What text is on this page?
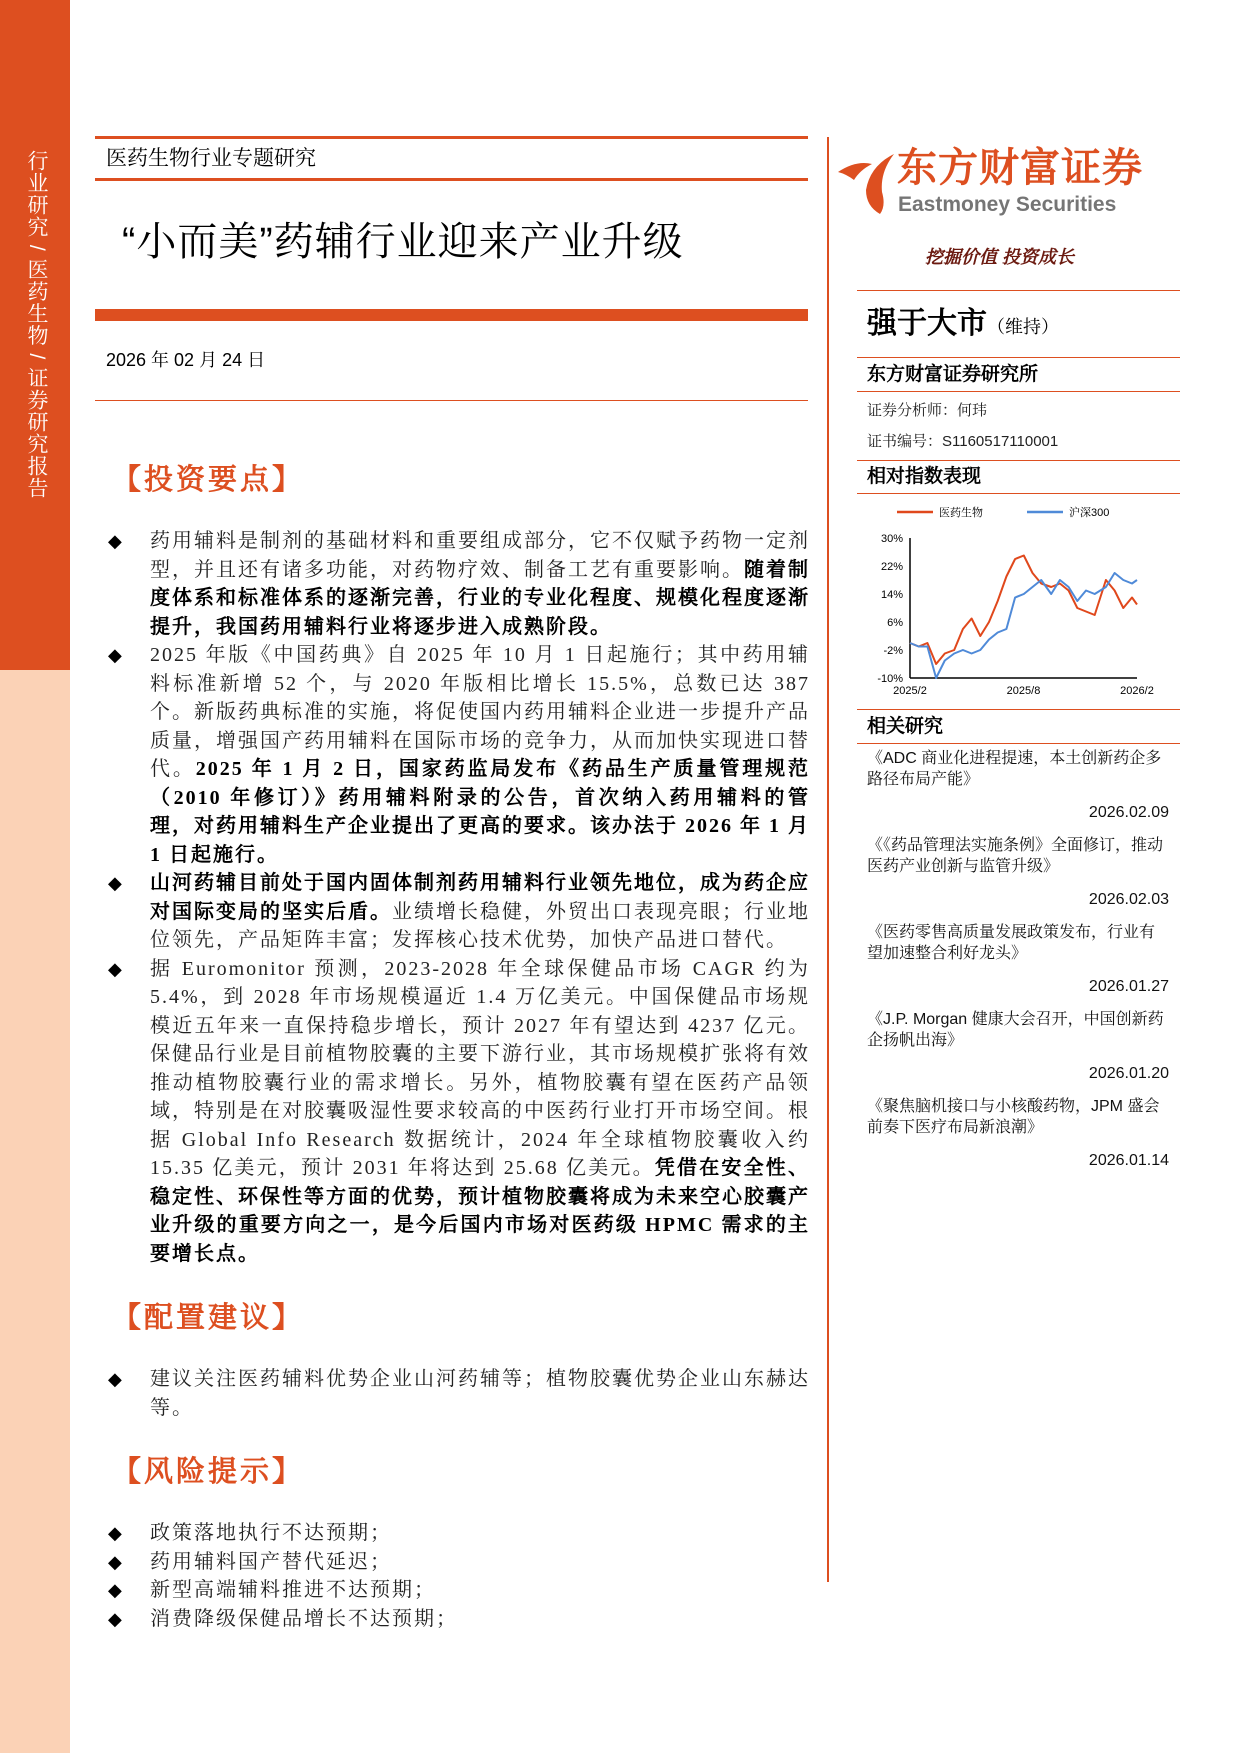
行业研究 / 医药生物 / 证券研究报告	医药生物行业专题研究
“小而美”药辅行业迎来产业升级
2026 年 02 月 24 日
【投资要点】
◆ 药用辅料是制剂的基础材料和重要组成部分，它不仅赋予药物一定剂型，并且还有诸多功能，对药物疗效、制备工艺有重要影响。随着制度体系和标准体系的逐渐完善，行业的专业化程度、规模化程度逐渐提升，我国药用辅料行业将逐步进入成熟阶段。
◆ 2025 年版《中国药典》自 2025 年 10 月 1 日起施行；其中药用辅料标准新增 52 个，与 2020 年版相比增长 15.5%，总数已达 387 个。新版药典标准的实施，将促使国内药用辅料企业进一步提升产品质量，增强国产药用辅料在国际市场的竞争力，从而加快实现进口替代。2025 年 1 月 2 日，国家药监局发布《药品生产质量管理规范（2010 年修订）》药用辅料附录的公告，首次纳入药用辅料的管理，对药用辅料生产企业提出了更高的要求。该办法于 2026 年 1 月 1 日起施行。
◆ 山河药辅目前处于国内固体制剂药用辅料行业领先地位，成为药企应对国际变局的坚实后盾。业绩增长稳健，外贸出口表现亮眼；行业地位领先，产品矩阵丰富；发挥核心技术优势，加快产品进口替代。
◆ 据 Euromonitor 预测，2023-2028 年全球保健品市场 CAGR 约为 5.4%，到 2028 年市场规模逼近 1.4 万亿美元。中国保健品市场规模近五年来一直保持稳步增长，预计 2027 年有望达到 4237 亿元。保健品行业是目前植物胶囊的主要下游行业，其市场规模扩张将有效推动植物胶囊行业的需求增长。另外，植物胶囊有望在医药产品领域，特别是在对胶囊吸湿性要求较高的中医药行业打开市场空间。根据 Global Info Research 数据统计，2024 年全球植物胶囊收入约 15.35 亿美元，预计 2031 年将达到 25.68 亿美元。凭借在安全性、稳定性、环保性等方面的优势，预计植物胶囊将成为未来空心胶囊产业升级的重要方向之一，是今后国内市场对医药级 HPMC 需求的主要增长点。
【配置建议】
◆ 建议关注医药辅料优势企业山河药辅等；植物胶囊优势企业山东赫达等。
【风险提示】
◆ 政策落地执行不达预期；
◆ 药用辅料国产替代延迟；
◆ 新型高端辅料推进不达预期；
◆ 消费降级保健品增长不达预期；
东方财富证券
Eastmoney Securities
挖掘价值 投资成长
强于大市（维持）
东方财富证券研究所
证券分析师：何玮
证书编号：S1160517110001
相对指数表现
30%
22%
14%
6%
-2%
-10%
2025/2	2025/8	2026/2
医药生物	沪深300
相关研究
《ADC 商业化进程提速，本土创新药企多路径布局产能》
2026.02.09
《《药品管理法实施条例》全面修订，推动医药产业创新与监管升级》
2026.02.03
《医药零售高质量发展政策发布，行业有望加速整合利好龙头》
2026.01.27
《J.P. Morgan 健康大会召开，中国创新药企扬帆出海》
2026.01.20
《聚焦脑机接口与小核酸药物，JPM 盛会前奏下医疗布局新浪潮》
2026.01.14
